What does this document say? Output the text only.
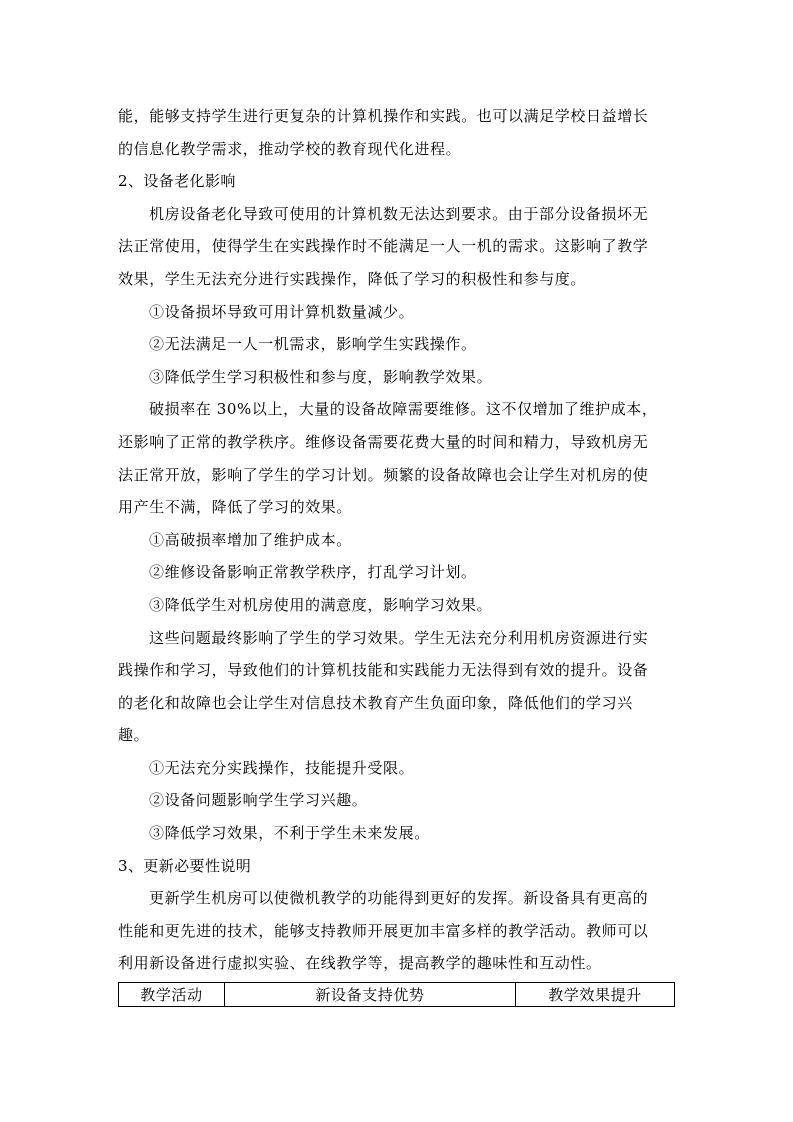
能，能够支持学生进行更复杂的计算机操作和实践。也可以满足学校日益增长
的信息化教学需求，推动学校的教育现代化进程。
2、设备老化影响
机房设备老化导致可使用的计算机数无法达到要求。由于部分设备损坏无
法正常使用，使得学生在实践操作时不能满足一人一机的需求。这影响了教学
效果，学生无法充分进行实践操作，降低了学习的积极性和参与度。
①设备损坏导致可用计算机数量减少。
②无法满足一人一机需求，影响学生实践操作。
③降低学生学习积极性和参与度，影响教学效果。
破损率在 30%以上，大量的设备故障需要维修。这不仅增加了维护成本，
还影响了正常的教学秩序。维修设备需要花费大量的时间和精力，导致机房无
法正常开放，影响了学生的学习计划。频繁的设备故障也会让学生对机房的使
用产生不满，降低了学习的效果。
①高破损率增加了维护成本。
②维修设备影响正常教学秩序，打乱学习计划。
③降低学生对机房使用的满意度，影响学习效果。
这些问题最终影响了学生的学习效果。学生无法充分利用机房资源进行实
践操作和学习，导致他们的计算机技能和实践能力无法得到有效的提升。设备
的老化和故障也会让学生对信息技术教育产生负面印象，降低他们的学习兴
趣。
①无法充分实践操作，技能提升受限。
②设备问题影响学生学习兴趣。
③降低学习效果，不利于学生未来发展。
3、更新必要性说明
更新学生机房可以使微机教学的功能得到更好的发挥。新设备具有更高的
性能和更先进的技术，能够支持教师开展更加丰富多样的教学活动。教师可以
利用新设备进行虚拟实验、在线教学等，提高教学的趣味性和互动性。
教学活动	新设备支持优势	教学效果提升
